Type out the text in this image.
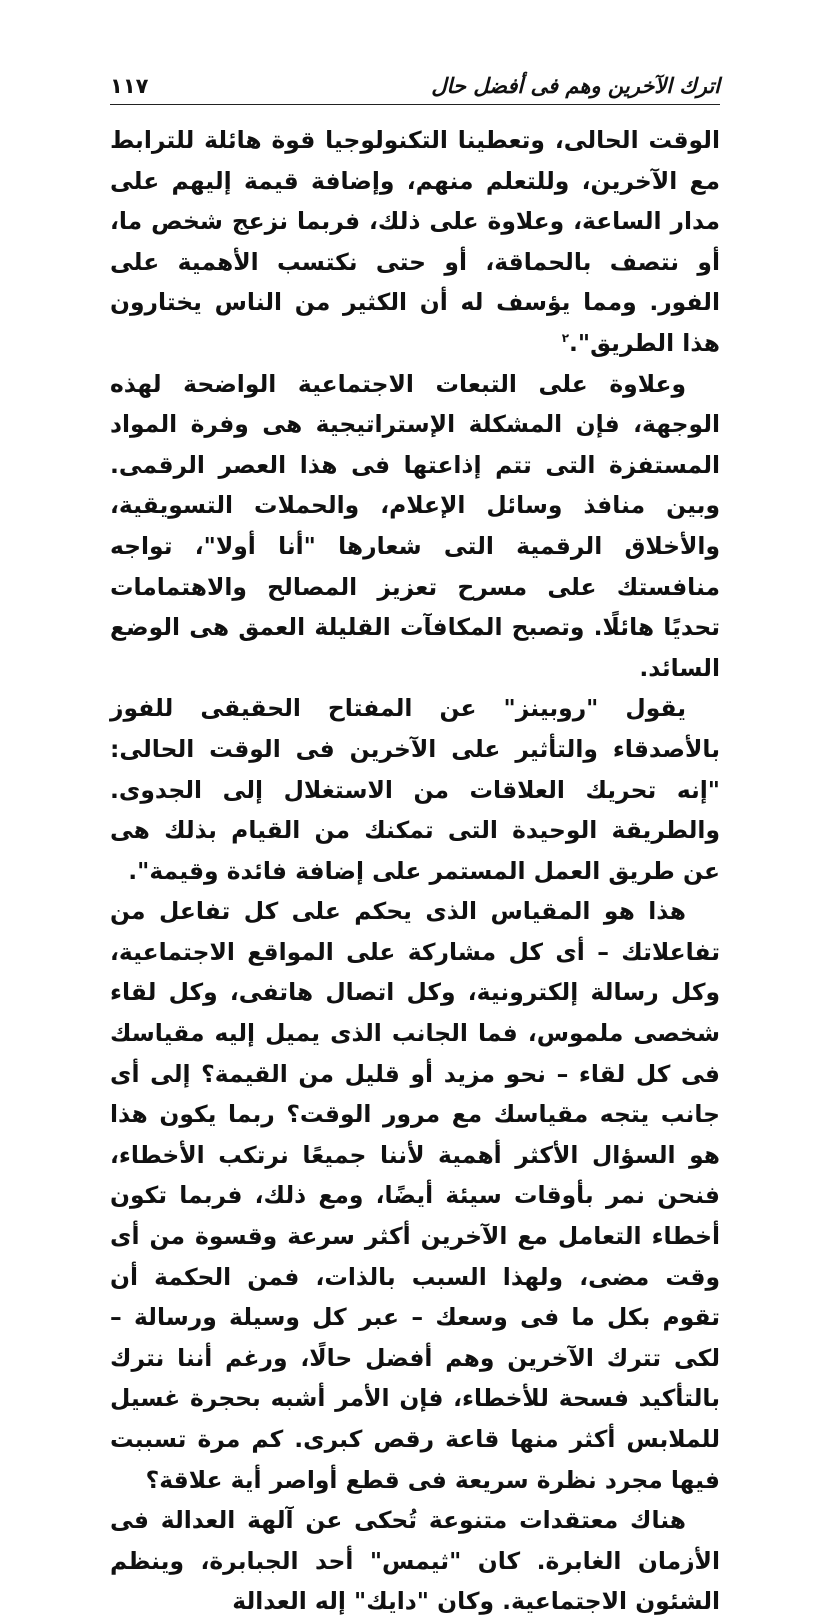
اترك الآخرين وهم فى أفضل حال
١١٧

الوقت الحالى، وتعطينا التكنولوجيا قوة هائلة للترابط مع الآخرين، وللتعلم منهم، وإضافة قيمة إليهم على مدار الساعة، وعلاوة على ذلك، فربما نزعج شخص ما، أو نتصف بالحماقة، أو حتى نكتسب الأهمية على الفور. ومما يؤسف له أن الكثير من الناس يختارون هذا الطريق".$^٢$

وعلاوة على التبعات الاجتماعية الواضحة لهذه الوجهة، فإن المشكلة الإستراتيجية هى وفرة المواد المستفزة التى تتم إذاعتها فى هذا العصر الرقمى. وبين منافذ وسائل الإعلام، والحملات التسويقية، والأخلاق الرقمية التى شعارها "أنا أولا"، تواجه منافستك على مسرح تعزيز المصالح والاهتمامات تحديًا هائلًا. وتصبح المكافآت القليلة العمق هى الوضع السائد.

يقول "روبينز" عن المفتاح الحقيقى للفوز بالأصدقاء والتأثير على الآخرين فى الوقت الحالى: "إنه تحريك العلاقات من الاستغلال إلى الجدوى. والطريقة الوحيدة التى تمكنك من القيام بذلك هى عن طريق العمل المستمر على إضافة فائدة وقيمة".

هذا هو المقياس الذى يحكم على كل تفاعل من تفاعلاتك – أى كل مشاركة على المواقع الاجتماعية، وكل رسالة إلكترونية، وكل اتصال هاتفى، وكل لقاء شخصى ملموس، فما الجانب الذى يميل إليه مقياسك فى كل لقاء – نحو مزيد أو قليل من القيمة؟ إلى أى جانب يتجه مقياسك مع مرور الوقت؟ ربما يكون هذا هو السؤال الأكثر أهمية لأننا جميعًا نرتكب الأخطاء، فنحن نمر بأوقات سيئة أيضًا، ومع ذلك، فربما تكون أخطاء التعامل مع الآخرين أكثر سرعة وقسوة من أى وقت مضى، ولهذا السبب بالذات، فمن الحكمة أن تقوم بكل ما فى وسعك – عبر كل وسيلة ورسالة – لكى تترك الآخرين وهم أفضل حالًا، ورغم أننا نترك بالتأكيد فسحة للأخطاء، فإن الأمر أشبه بحجرة غسيل للملابس أكثر منها قاعة رقص كبرى. كم مرة تسببت فيها مجرد نظرة سريعة فى قطع أواصر أية علاقة؟

هناك معتقدات متنوعة تُحكى عن آلهة العدالة فى الأزمان الغابرة. كان "ثيمس" أحد الجبابرة، وينظم الشئون الاجتماعية. وكان "دايك" إله العدالة
